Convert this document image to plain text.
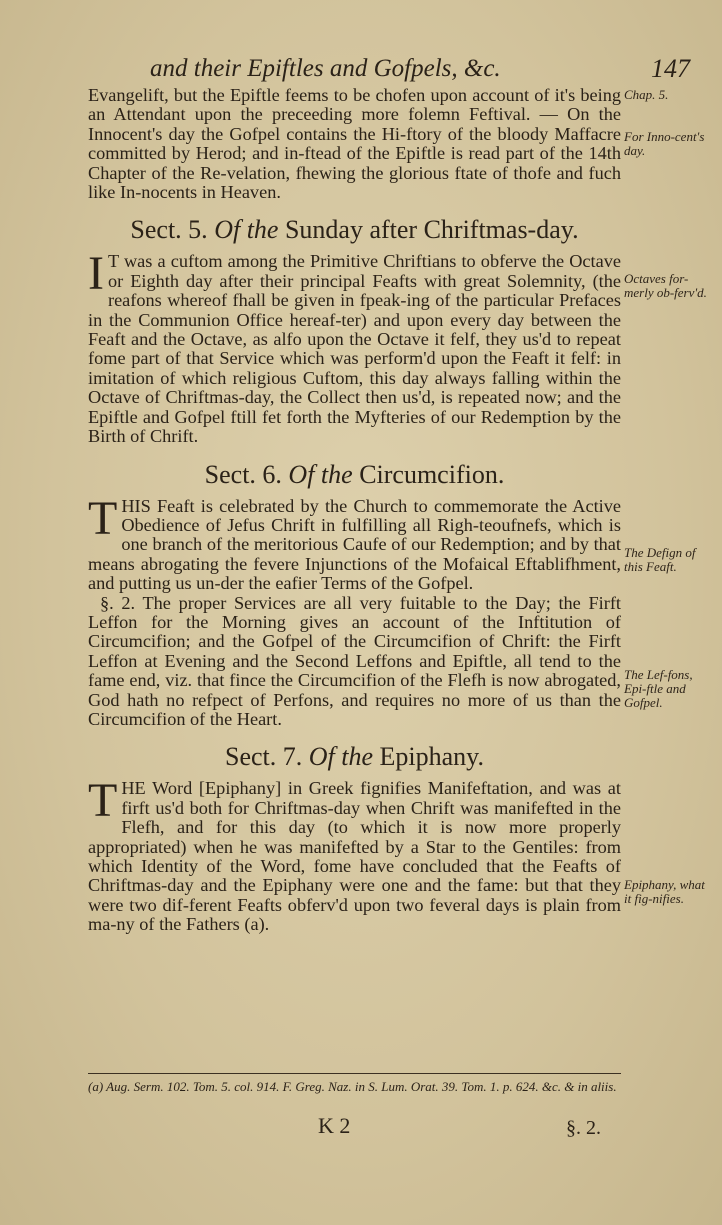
and their Epiftles and Gofpels, &c.	147

Evangelift, but the Epiftle feems to be chofen upon account of it's being an Attendant upon the preceeding more folemn Feftival. — On the Innocent's day the Gofpel contains the Hi-ftory of the bloody Maffacre committed by Herod; and in-ftead of the Epiftle is read part of the 14th Chapter of the Re-velation, fhewing the glorious ftate of thofe and fuch like In-nocents in Heaven.

Sect. 5. Of the Sunday after Chriftmas-day.

IT was a cuftom among the Primitive Chriftians to obferve the Octave or Eighth day after their principal Feafts with great Solemnity, (the reafons whereof fhall be given in fpeak-ing of the particular Prefaces in the Communion Office hereaf-ter) and upon every day between the Feaft and the Octave, as alfo upon the Octave it felf, they us'd to repeat fome part of that Service which was perform'd upon the Feaft it felf: in imitation of which religious Cuftom, this day always falling within the Octave of Chriftmas-day, the Collect then us'd, is repeated now; and the Epiftle and Gofpel ftill fet forth the Myfteries of our Redemption by the Birth of Chrift.

Sect. 6. Of the Circumcifion.

THIS Feaft is celebrated by the Church to commemorate the Active Obedience of Jefus Chrift in fulfilling all Righ-teoufnefs, which is one branch of the meritorious Caufe of our Redemption; and by that means abrogating the fevere Injunctions of the Mofaical Eftablifhment, and putting us un-der the eafier Terms of the Gofpel.

§. 2. The proper Services are all very fuitable to the Day; the Firft Leffon for the Morning gives an account of the Inftitution of Circumcifion; and the Gofpel of the Circumcifion of Chrift: the Firft Leffon at Evening and the Second Leffons and Epiftle, all tend to the fame end, viz. that fince the Circumcifion of the Flefh is now abrogated, God hath no refpect of Perfons, and requires no more of us than the Circumcifion of the Heart.

Sect. 7. Of the Epiphany.

THE Word [Epiphany] in Greek fignifies Manifeftation, and was at firft us'd both for Chriftmas-day when Chrift was manifefted in the Flefh, and for this day (to which it is now more properly appropriated) when he was manifefted by a Star to the Gentiles: from which Identity of the Word, fome have concluded that the Feafts of Chriftmas-day and the Epiphany were one and the fame: but that they were two dif-ferent Feafts obferv'd upon two feveral days is plain from ma-ny of the Fathers (a).

Chap. 5.
For Inno-cent's day.
Octaves for-merly ob-ferv'd.
The Defign of this Feaft.
The Lef-fons, Epi-ftle and Gofpel.
Epiphany, what it fig-nifies.
(a) Aug. Serm. 102. Tom. 5. col. 914. F. Greg. Naz. in S. Lum. Orat. 39. Tom. 1. p. 624. &c. & in aliis.
K 2	§. 2.
